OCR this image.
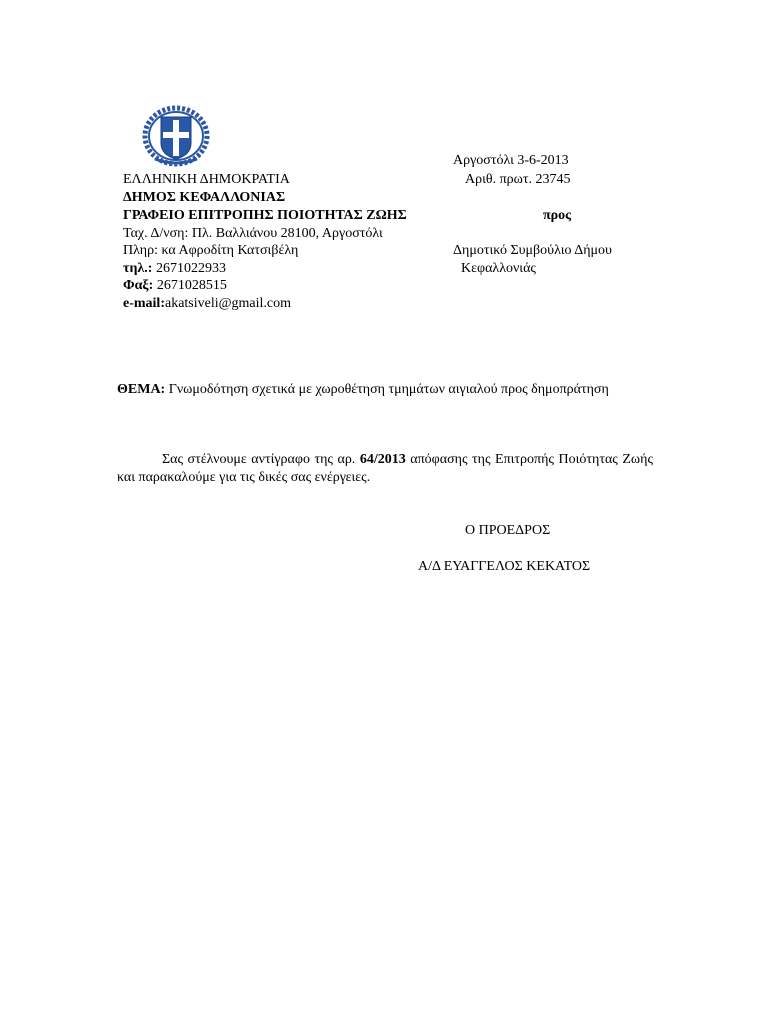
Αργοστόλι 3-6-2013
Αριθ. πρωτ. 23745
ΕΛΛΗΝΙΚΗ ΔΗΜΟΚΡΑΤΙΑ
ΔΗΜΟΣ ΚΕΦΑΛΛΟΝΙΑΣ
ΓΡΑΦΕΙΟ ΕΠΙΤΡΟΠΗΣ ΠΟΙΟΤΗΤΑΣ ΖΩΗΣ
Ταχ. Δ/νση: Πλ. Βαλλιάνου 28100, Αργοστόλι
Πληρ: κα Αφροδίτη Κατσιβέλη
τηλ.: 2671022933
Φαξ: 2671028515
e-mail:akatsiveli@gmail.com
προς
Δημοτικό Συμβούλιο Δήμου
Κεφαλλονιάς
ΘΕΜΑ: Γνωμοδότηση σχετικά με χωροθέτηση τμημάτων αιγιαλού προς δημοπράτηση
Σας στέλνουμε αντίγραφο της αρ. 64/2013 απόφασης της Επιτροπής Ποιότητας Ζωής και παρακαλούμε για τις δικές σας ενέργειες.
Ο ΠΡΟΕΔΡΟΣ
Α/Δ ΕΥΑΓΓΕΛΟΣ ΚΕΚΑΤΟΣ
